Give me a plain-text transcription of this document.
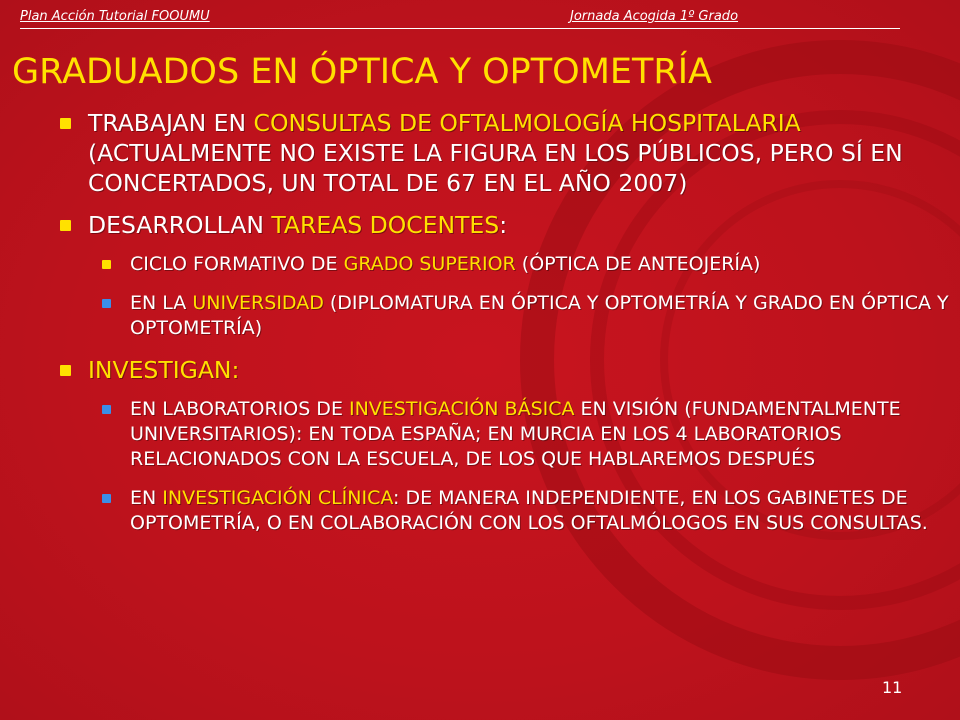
Plan Acción Tutorial FOOUMU	Jornada Acogida 1º Grado
GRADUADOS EN ÓPTICA Y OPTOMETRÍA
TRABAJAN EN CONSULTAS DE OFTALMOLOGÍA HOSPITALARIA (ACTUALMENTE NO EXISTE LA FIGURA EN LOS PÚBLICOS, PERO SÍ EN CONCERTADOS, UN TOTAL DE 67 EN EL AÑO 2007)
DESARROLLAN TAREAS DOCENTES:
CICLO FORMATIVO DE GRADO SUPERIOR (ÓPTICA DE ANTEOJERÍA)
EN LA UNIVERSIDAD (DIPLOMATURA EN ÓPTICA Y OPTOMETRÍA Y GRADO EN ÓPTICA Y OPTOMETRÍA)
INVESTIGAN:
EN LABORATORIOS DE INVESTIGACIÓN BÁSICA EN VISIÓN (FUNDAMENTALMENTE UNIVERSITARIOS): EN TODA ESPAÑA; EN MURCIA EN LOS 4 LABORATORIOS RELACIONADOS CON LA ESCUELA, DE LOS QUE HABLAREMOS DESPUÉS
EN INVESTIGACIÓN CLÍNICA: DE MANERA INDEPENDIENTE, EN LOS GABINETES DE OPTOMETRÍA, O EN COLABORACIÓN CON LOS OFTALMÓLOGOS EN SUS CONSULTAS.
11
